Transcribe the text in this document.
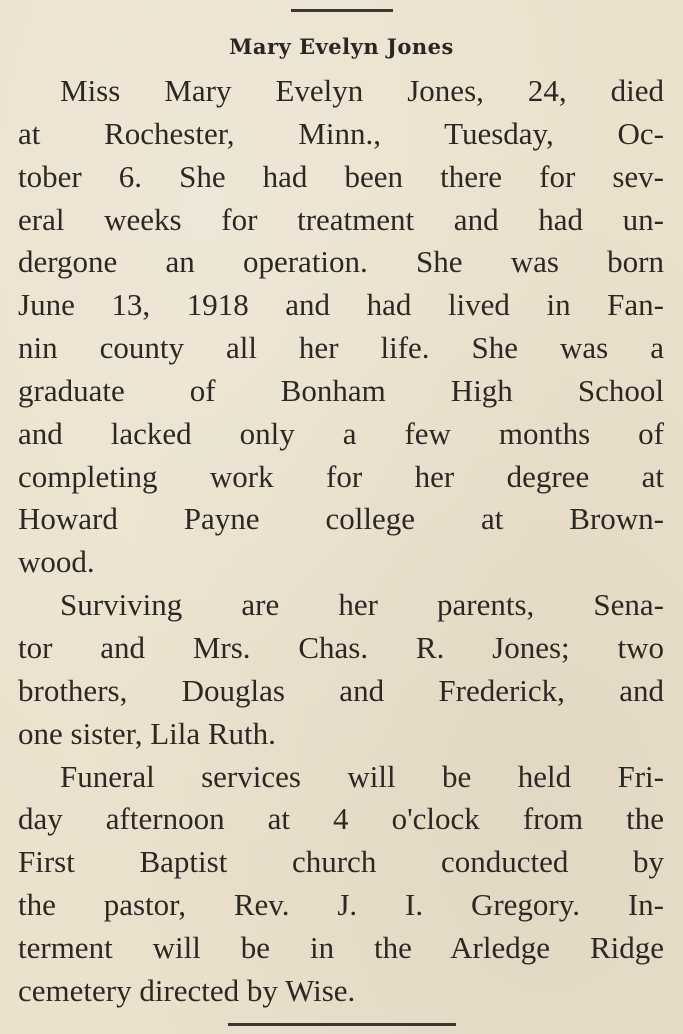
Mary Evelyn Jones
Miss Mary Evelyn Jones, 24, died
at Rochester, Minn., Tuesday, Oc-
tober 6. She had been there for sev-
eral weeks for treatment and had un-
dergone an operation. She was born
June 13, 1918 and had lived in Fan-
nin county all her life. She was a
graduate of Bonham High School
and lacked only a few months of
completing work for her degree at
Howard Payne college at Brown-
wood.
Surviving are her parents, Sena-
tor and Mrs. Chas. R. Jones; two
brothers, Douglas and Frederick, and
one sister, Lila Ruth.
Funeral services will be held Fri-
day afternoon at 4 o'clock from the
First Baptist church conducted by
the pastor, Rev. J. I. Gregory. In-
terment will be in the Arledge Ridge
cemetery directed by Wise.
